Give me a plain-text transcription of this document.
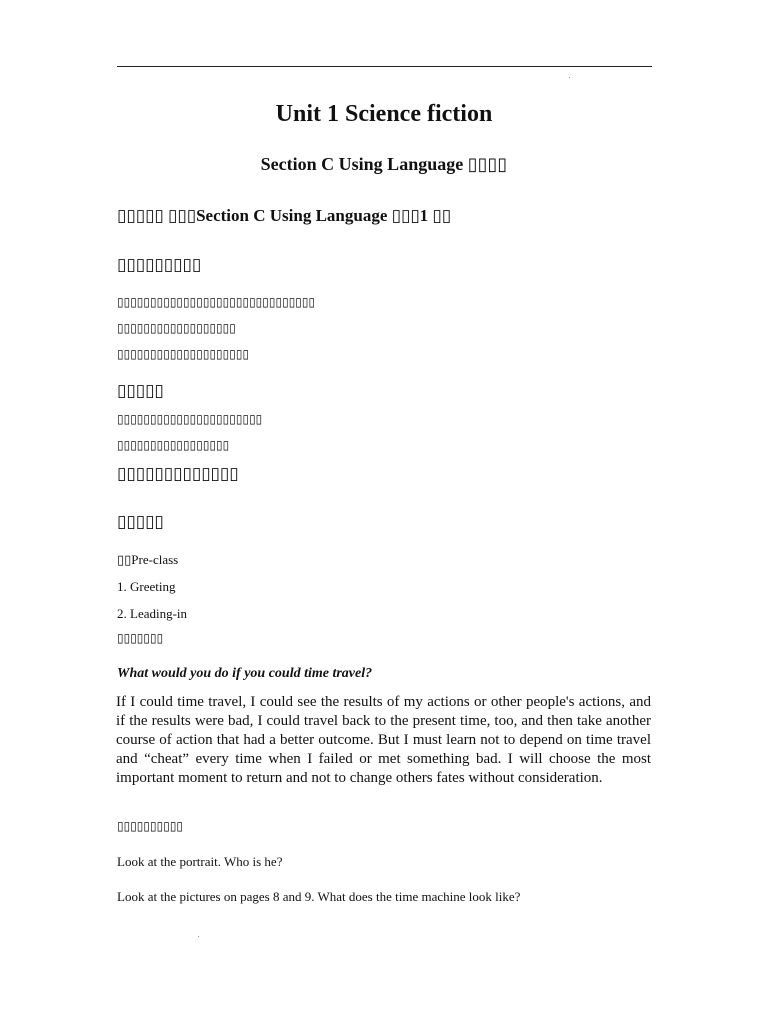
Unit 1 Science fiction
Section C Using Language ▯▯▯▯
▯▯▯▯▯ ▯▯▯Section C Using Language ▯▯▯1 ▯▯
▯▯▯▯▯▯▯▯▯
▯▯▯▯▯▯▯▯▯▯▯▯▯▯▯▯▯▯▯▯▯▯▯▯▯▯▯▯▯▯
▯▯▯▯▯▯▯▯▯▯▯▯▯▯▯▯▯▯
▯▯▯▯▯▯▯▯▯▯▯▯▯▯▯▯▯▯▯▯
▯▯▯▯▯
▯▯▯▯▯▯▯▯▯▯▯▯▯▯▯▯▯▯▯▯▯▯
▯▯▯▯▯▯▯▯▯▯▯▯▯▯▯▯▯
▯▯▯▯▯▯▯▯▯▯▯▯▯
▯▯▯▯▯
▯▯Pre-class
1. Greeting
2. Leading-in
▯▯▯▯▯▯▯
What would you do if you could time travel?
If I could time travel, I could see the results of my actions or other people's actions, and if the results were bad, I could travel back to the present time, too, and then take another course of action that had a better outcome. But I must learn not to depend on time travel and “cheat” every time when I failed or met something bad. I will choose the most important moment to return and not to change others fates without consideration.
▯▯▯▯▯▯▯▯▯▯
Look at the portrait. Who is he?
Look at the pictures on pages 8 and 9. What does the time machine look like?
